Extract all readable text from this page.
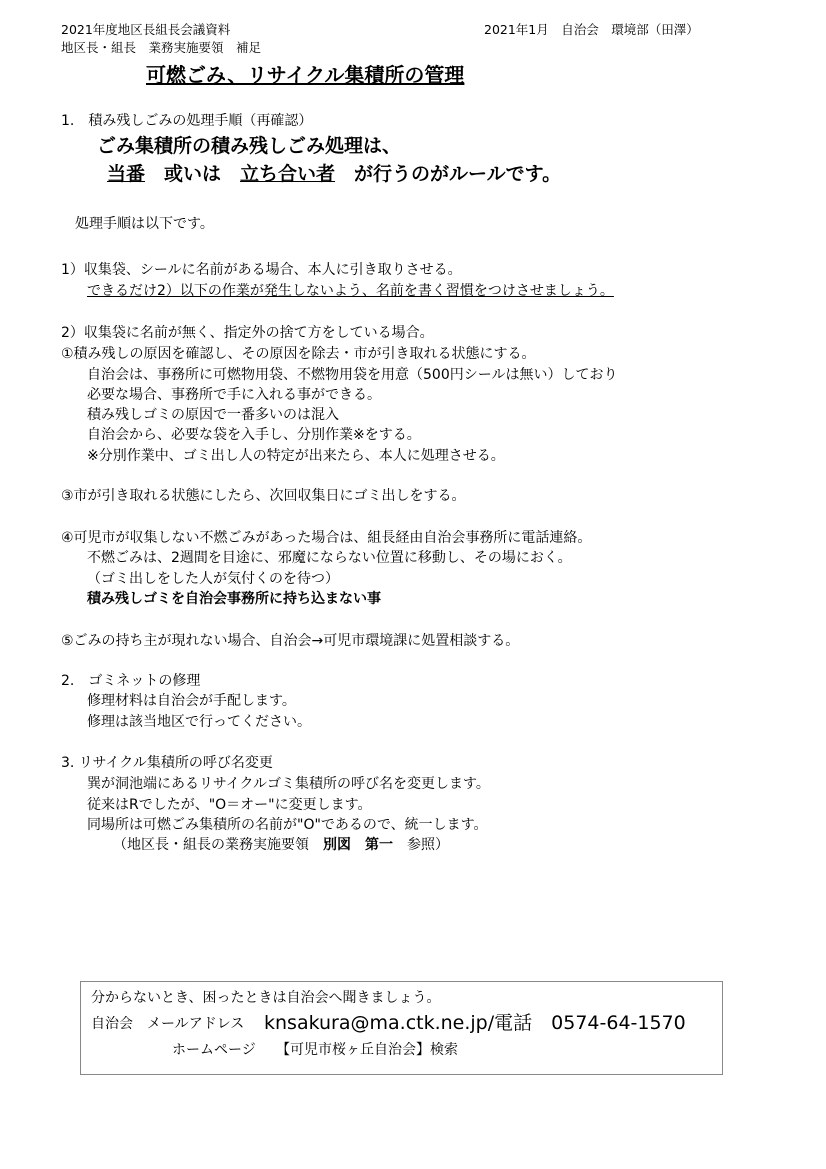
2021年度地区長組長会議資料	2021年1月　自治会　環境部（田澤）
地区長・組長　業務実施要領　補足
可燃ごみ、リサイクル集積所の管理
1.　積み残しごみの処理手順（再確認）
ごみ集積所の積み残しごみ処理は、
当番　或いは　立ち合い者　が行うのがルールです。
処理手順は以下です。
1）収集袋、シールに名前がある場合、本人に引き取りさせる。
できるだけ2）以下の作業が発生しないよう、名前を書く習慣をつけさせましょう。
2）収集袋に名前が無く、指定外の捨て方をしている場合。
①積み残しの原因を確認し、その原因を除去・市が引き取れる状態にする。
自治会は、事務所に可燃物用袋、不燃物用袋を用意（500円シールは無い）しており
必要な場合、事務所で手に入れる事ができる。
積み残しゴミの原因で一番多いのは混入
自治会から、必要な袋を入手し、分別作業※をする。
※分別作業中、ゴミ出し人の特定が出来たら、本人に処理させる。
③市が引き取れる状態にしたら、次回収集日にゴミ出しをする。
④可児市が収集しない不燃ごみがあった場合は、組長経由自治会事務所に電話連絡。
不燃ごみは、2週間を目途に、邪魔にならない位置に移動し、その場におく。
（ゴミ出しをした人が気付くのを待つ）
積み残しゴミを自治会事務所に持ち込まない事
⑤ごみの持ち主が現れない場合、自治会→可児市環境課に処置相談する。
2.　ゴミネットの修理
修理材料は自治会が手配します。
修理は該当地区で行ってください。
3. リサイクル集積所の呼び名変更
巽が洞池端にあるリサイクルゴミ集積所の呼び名を変更します。
従来はRでしたが、"O＝オー"に変更します。
同場所は可燃ごみ集積所の名前が"O"であるので、統一します。
（地区長・組長の業務実施要領　別図　第一　参照）
分からないとき、困ったときは自治会へ聞きましょう。
自治会　メールアドレス knsakura@ma.ctk.ne.jp/電話　0574-64-1570
ホームページ 【可児市桜ヶ丘自治会】検索
